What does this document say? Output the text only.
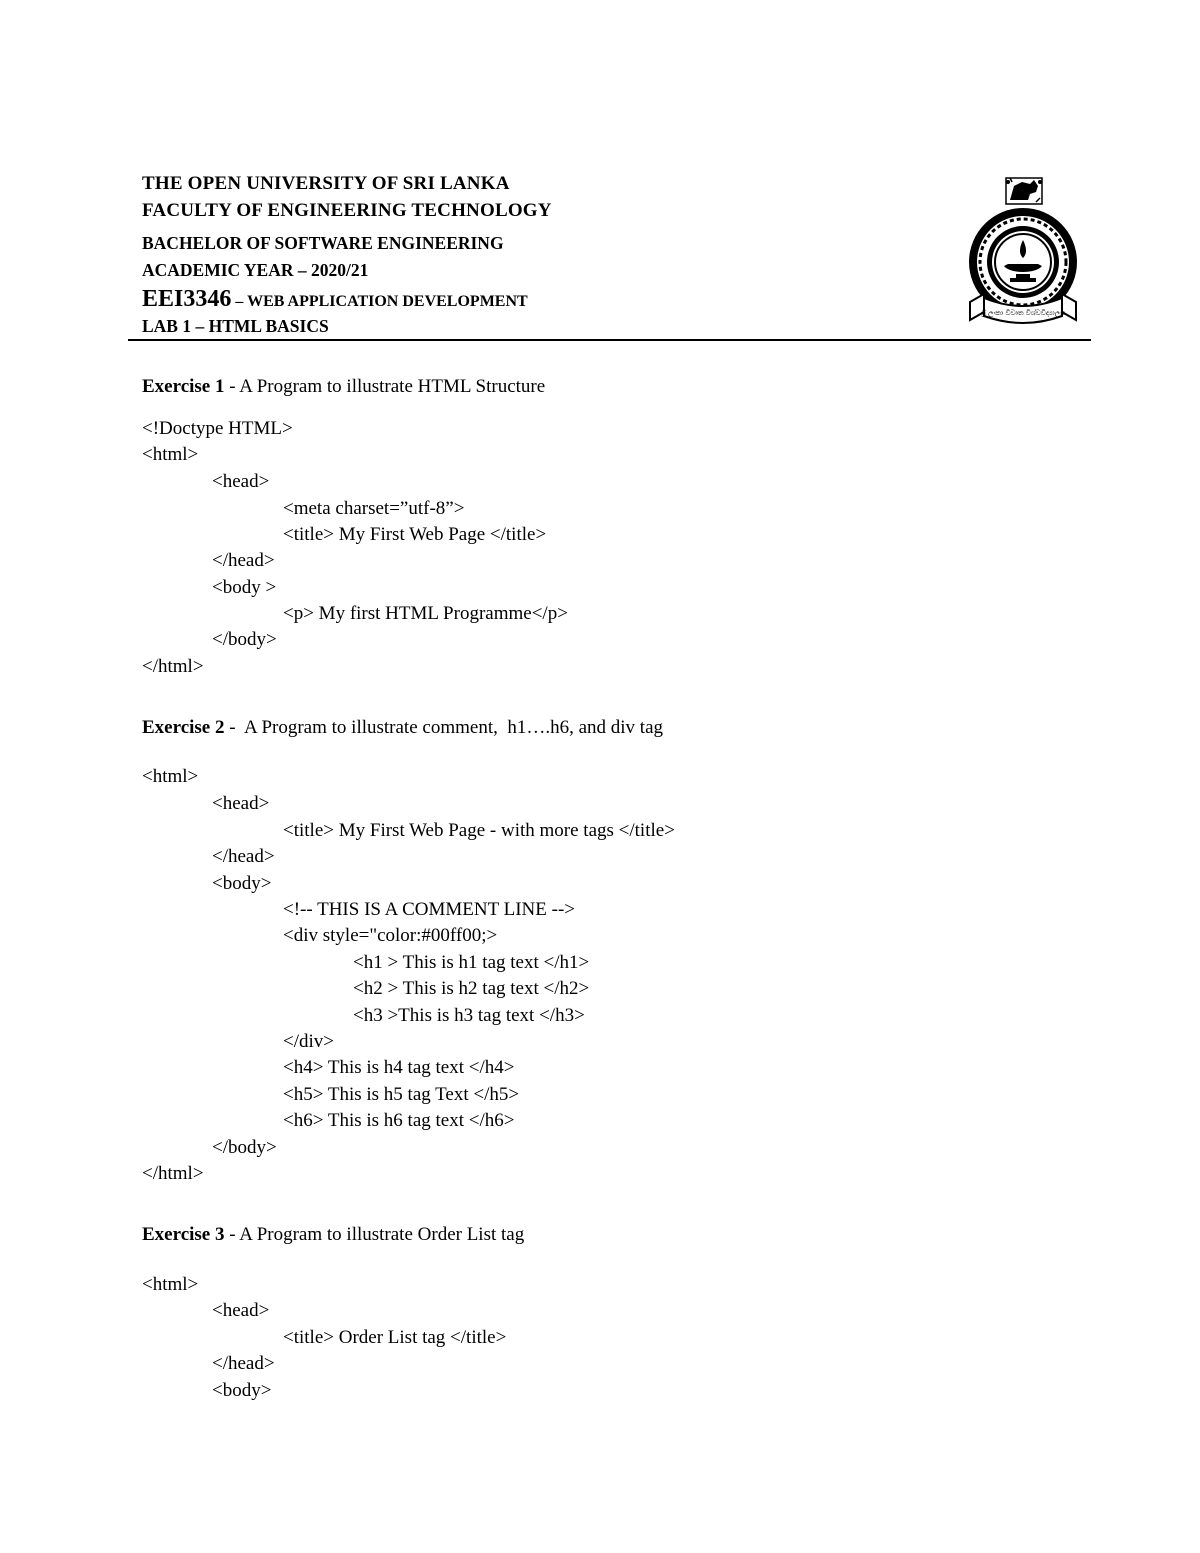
THE OPEN UNIVERSITY OF SRI LANKA
FACULTY OF ENGINEERING TECHNOLOGY
BACHELOR OF SOFTWARE ENGINEERING
ACADEMIC YEAR – 2020/21
EEI3346 – WEB APPLICATION DEVELOPMENT
LAB 1 – HTML BASICS
ශ්‍රී ලංකා විවෘත විශ්වවිද්‍යාලය
Exercise 1 - A Program to illustrate HTML Structure
<!Doctype HTML>
<html>
<head>
<meta charset=”utf-8”>
<title> My First Web Page </title>
</head>
<body >
<p> My first HTML Programme</p>
</body>
</html>
Exercise 2 -  A Program to illustrate comment,  h1….h6, and div tag
<html>
<head>
<title> My First Web Page - with more tags </title>
</head>
<body>
<!-- THIS IS A COMMENT LINE -->
<div style="color:#00ff00;>
<h1 > This is h1 tag text </h1>
<h2 > This is h2 tag text </h2>
<h3 >This is h3 tag text </h3>
</div>
<h4> This is h4 tag text </h4>
<h5> This is h5 tag Text </h5>
<h6> This is h6 tag text </h6>
</body>
</html>
Exercise 3 - A Program to illustrate Order List tag
<html>
<head>
<title> Order List tag </title>
</head>
<body>
